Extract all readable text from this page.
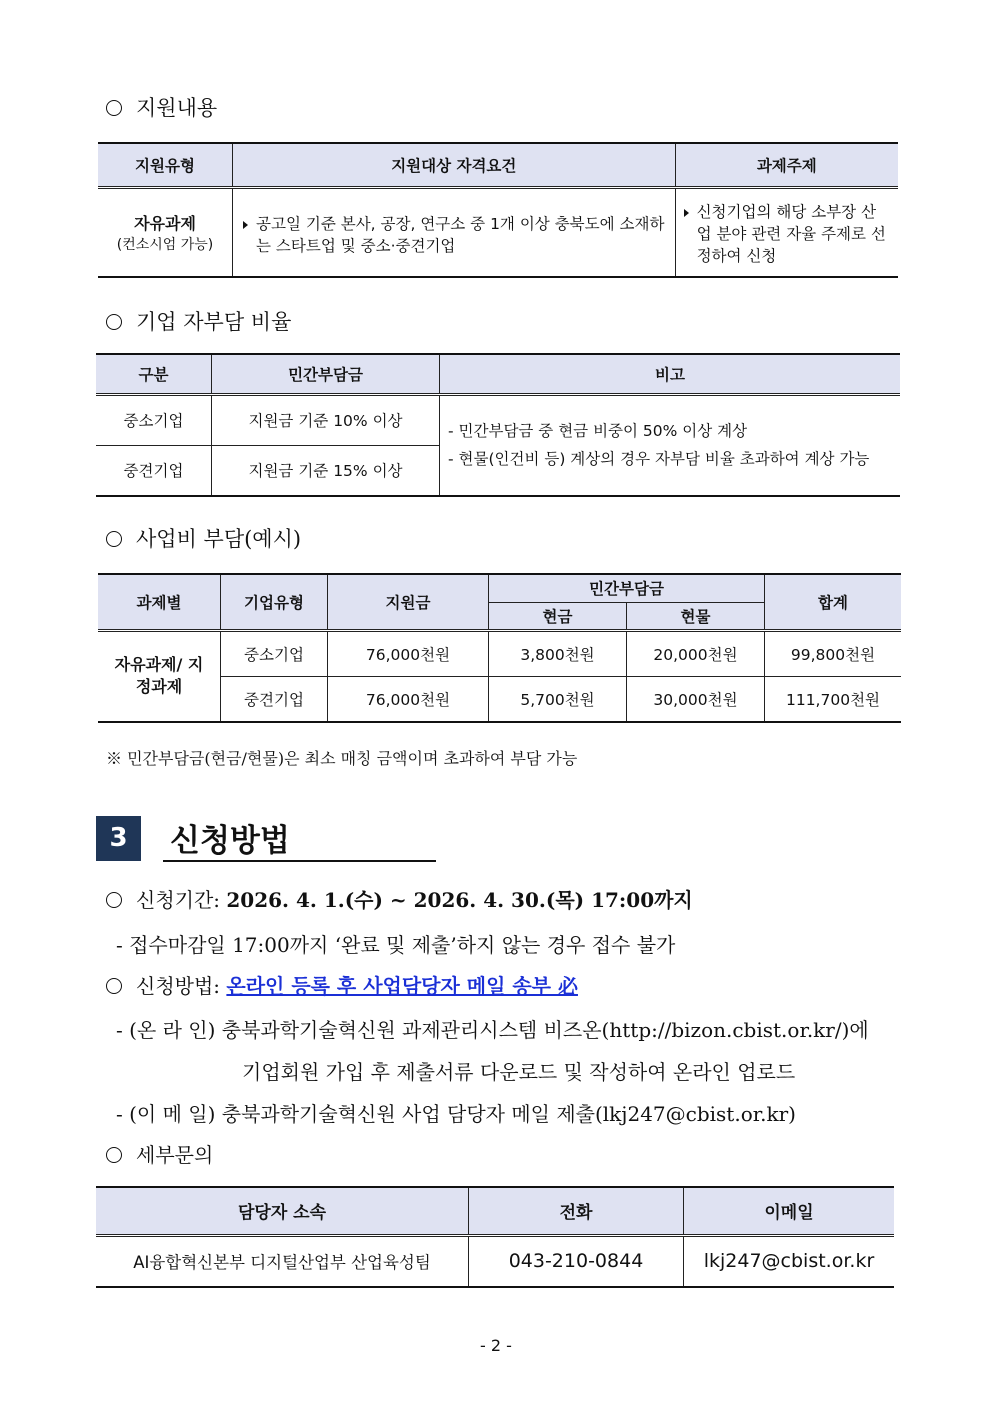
지원내용
지원유형	지원대상 자격요건	과제주제

자유과제
(컨소시엄 가능)	공고일 기준 본사, 공장, 연구소 중 1개 이상 충북도에 소재하는 스타트업 및 중소·중견기업	신청기업의 해당 소부장 산업 분야 관련 자율 주제로 선정하여 신청
기업 자부담 비율
구분	민간부담금	비고
중소기업	지원금 기준 10% 이상	- 민간부담금 중 현금 비중이 50% 이상 계상
- 현물(인건비 등) 계상의 경우 자부담 비율 초과하여 계상 가능

중견기업	지원금 기준 15% 이상	
사업비 부담(예시)
과제별	기업유형	지원금	민간부담금		합계
			현금	현물	
자유과제/ 지정과제	중소기업	76,000천원	3,800천원	20,000천원	99,800천원
	중견기업	76,000천원	5,700천원	30,000천원	111,700천원
※ 민간부담금(현금/현물)은 최소 매칭 금액이며 초과하여 부담 가능
3	신청방법
신청기간: 2026. 4. 1.(수) ~ 2026. 4. 30.(목) 17:00까지
- 접수마감일 17:00까지 ‘완료 및 제출’하지 않는 경우 접수 불가
신청방법: 온라인 등록 후 사업담당자 메일 송부 必
- (온 라 인) 충북과학기술혁신원 과제관리시스템 비즈온(http://bizon.cbist.or.kr/)에
기업회원 가입 후 제출서류 다운로드 및 작성하여 온라인 업로드
- (이 메 일) 충북과학기술혁신원 사업 담당자 메일 제출(lkj247@cbist.or.kr)
세부문의
담당자 소속	전화	이메일
AI융합혁신본부 디지털산업부 산업육성팀	043-210-0844	lkj247@cbist.or.kr
- 2 -
